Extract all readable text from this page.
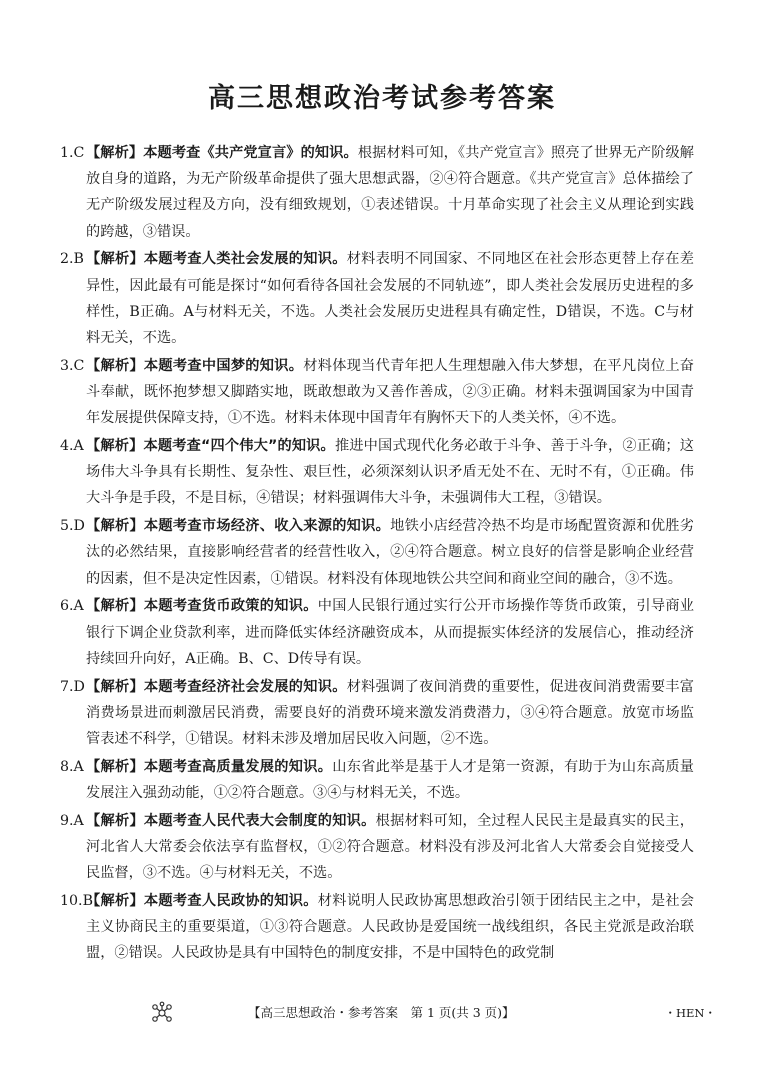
高三思想政治考试参考答案

1.C 【解析】本题考查《共产党宣言》的知识。根据材料可知，《共产党宣言》照亮了世界无产阶级解放自身的道路，为无产阶级革命提供了强大思想武器，②④符合题意。《共产党宣言》总体描绘了无产阶级发展过程及方向，没有细致规划，①表述错误。十月革命实现了社会主义从理论到实践的跨越，③错误。

2.B 【解析】本题考查人类社会发展的知识。材料表明不同国家、不同地区在社会形态更替上存在差异性，因此最有可能是探讨“如何看待各国社会发展的不同轨迹”，即人类社会发展历史进程的多样性，B正确。A与材料无关，不选。人类社会发展历史进程具有确定性，D错误，不选。C与材料无关，不选。

3.C 【解析】本题考查中国梦的知识。材料体现当代青年把人生理想融入伟大梦想，在平凡岗位上奋斗奉献，既怀抱梦想又脚踏实地，既敢想敢为又善作善成，②③正确。材料未强调国家为中国青年发展提供保障支持，①不选。材料未体现中国青年有胸怀天下的人类关怀，④不选。

4.A 【解析】本题考查“四个伟大”的知识。推进中国式现代化务必敢于斗争、善于斗争，②正确；这场伟大斗争具有长期性、复杂性、艰巨性，必须深刻认识矛盾无处不在、无时不有，①正确。伟大斗争是手段，不是目标，④错误；材料强调伟大斗争，未强调伟大工程，③错误。

5.D 【解析】本题考查市场经济、收入来源的知识。地铁小店经营冷热不均是市场配置资源和优胜劣汰的必然结果，直接影响经营者的经营性收入，②④符合题意。树立良好的信誉是影响企业经营的因素，但不是决定性因素，①错误。材料没有体现地铁公共空间和商业空间的融合，③不选。

6.A 【解析】本题考查货币政策的知识。中国人民银行通过实行公开市场操作等货币政策，引导商业银行下调企业贷款利率，进而降低实体经济融资成本，从而提振实体经济的发展信心，推动经济持续回升向好，A正确。B、C、D传导有误。

7.D 【解析】本题考查经济社会发展的知识。材料强调了夜间消费的重要性，促进夜间消费需要丰富消费场景进而刺激居民消费，需要良好的消费环境来激发消费潜力，③④符合题意。放宽市场监管表述不科学，①错误。材料未涉及增加居民收入问题，②不选。

8.A 【解析】本题考查高质量发展的知识。山东省此举是基于人才是第一资源，有助于为山东高质量发展注入强劲动能，①②符合题意。③④与材料无关，不选。

9.A 【解析】本题考查人民代表大会制度的知识。根据材料可知，全过程人民民主是最真实的民主，河北省人大常委会依法享有监督权，①②符合题意。材料没有涉及河北省人大常委会自觉接受人民监督，③不选。④与材料无关，不选。

10.B
【解析】本题考查人民政协的知识。材料说明人民政协寓思想政治引领于团结民主之中，是社会主义协商民主的重要渠道，①③符合题意。人民政协是爱国统一战线组织，各民主党派是政治联盟，②错误。人民政协是具有中国特色的制度安排，不是中国特色的政党制

【高三思想政治・参考答案　第 1 页(共 3 页)】	・HEN・
